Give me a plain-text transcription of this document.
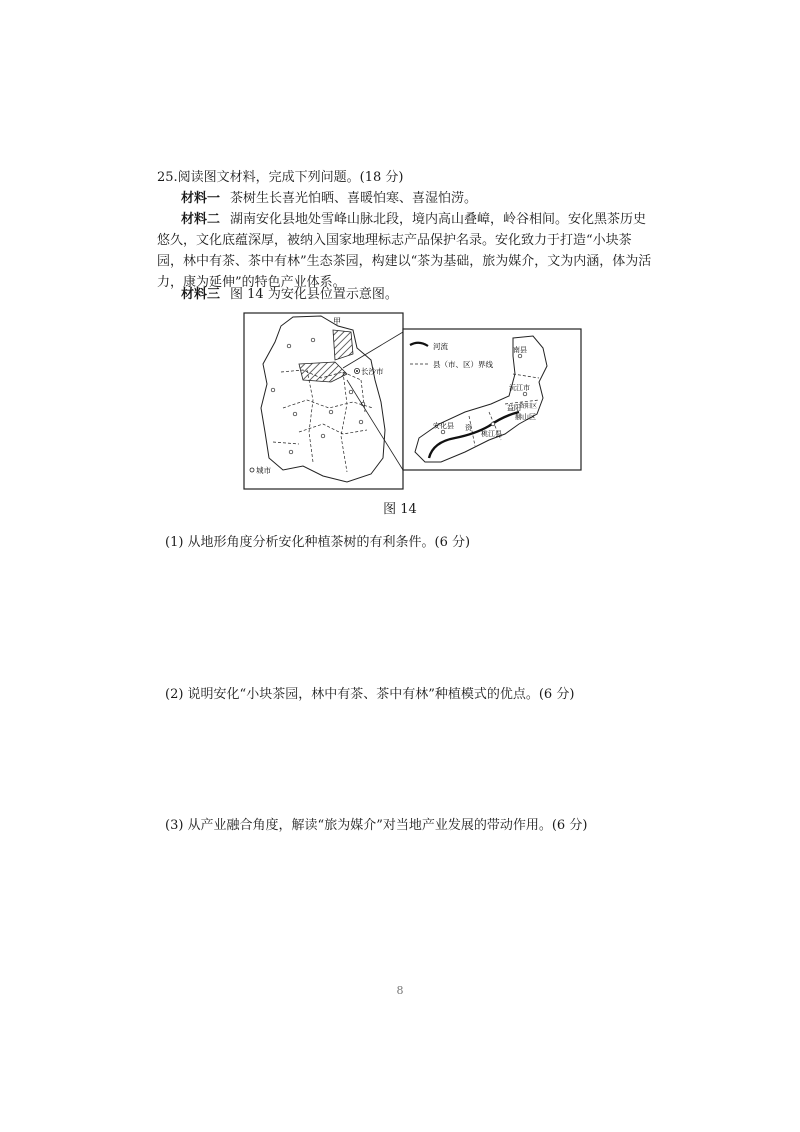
25.阅读图文材料，完成下列问题。(18 分)
材料一 茶树生长喜光怕晒、喜暖怕寒、喜湿怕涝。
材料二 湖南安化县地处雪峰山脉北段，境内高山叠嶂，岭谷相间。安化黑茶历史悠久，文化底蕴深厚，被纳入国家地理标志产品保护名录。安化致力于打造“小块茶园，林中有茶、茶中有林”生态茶园，构建以“茶为基础，旅为媒介，文为内涵，体为活力，康为延伸”的特色产业体系。
材料三 图 14 为安化县位置示意图。
甲
长沙市
城市
河流
县（市、区）界线
南县
沅江市
益阳
赫山区
资阳区
安化县 资
桃江县
图 14
(1) 从地形角度分析安化种植茶树的有利条件。(6 分)
(2) 说明安化“小块茶园，林中有茶、茶中有林”种植模式的优点。(6 分)
(3) 从产业融合角度，解读“旅为媒介”对当地产业发展的带动作用。(6 分)
8
